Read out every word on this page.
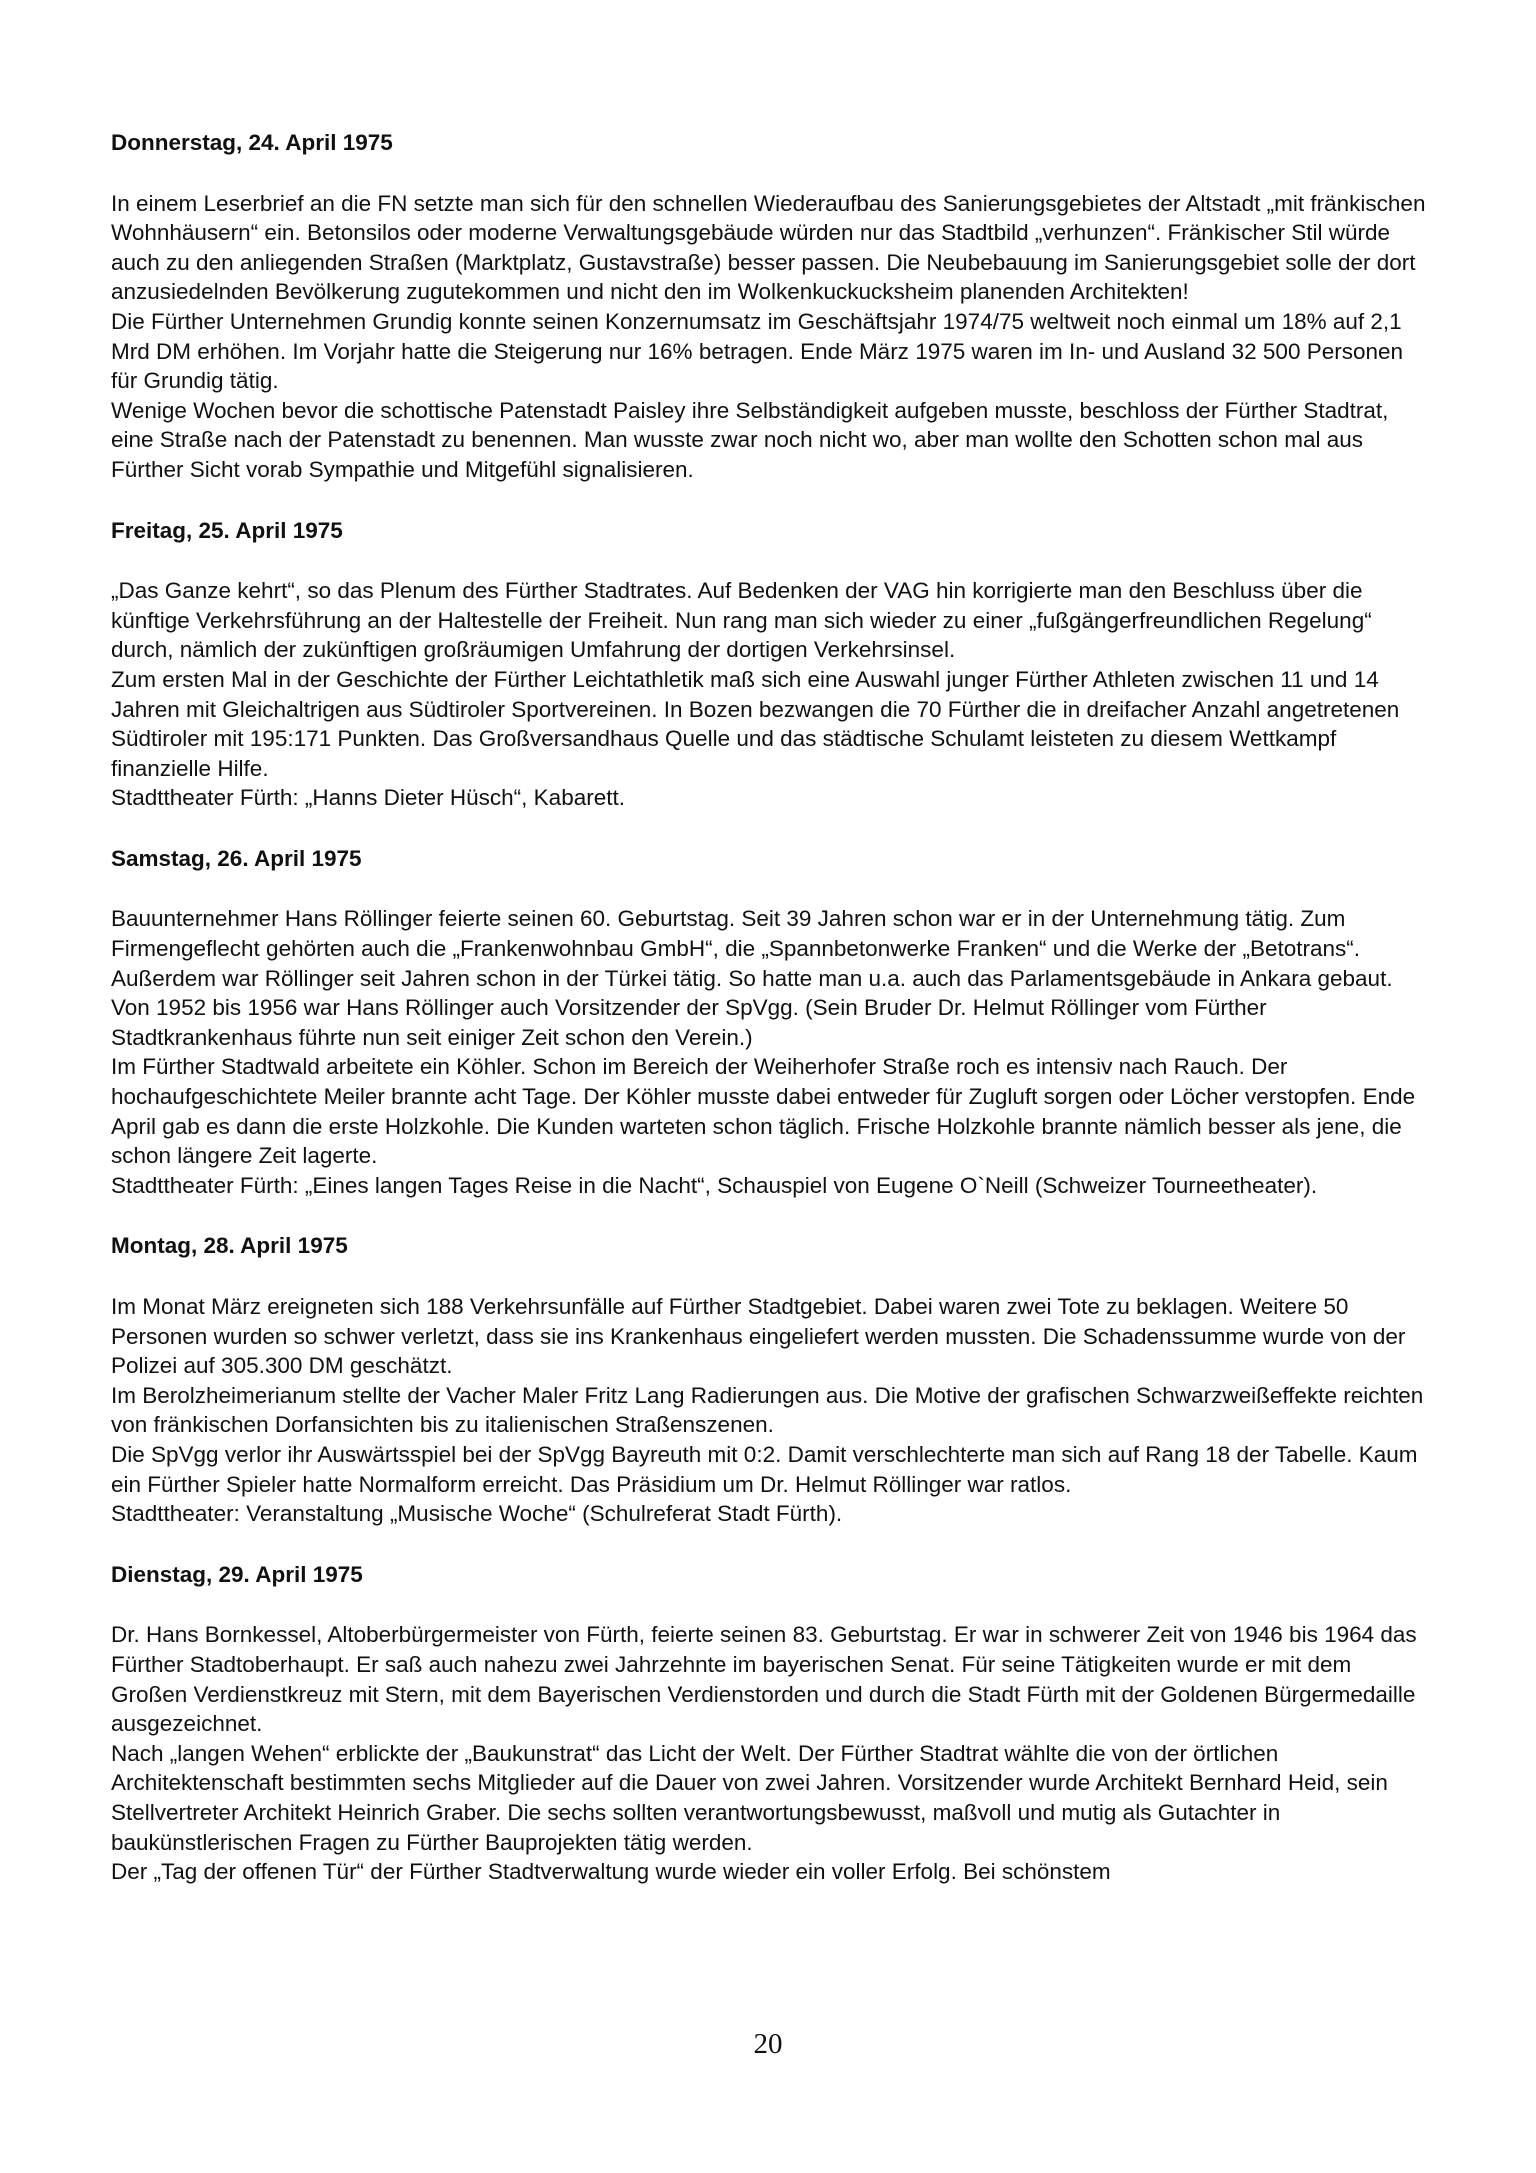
Donnerstag, 24. April 1975

In einem Leserbrief an die FN setzte man sich für den schnellen Wiederaufbau des Sanierungsgebietes der Altstadt „mit fränkischen Wohnhäusern“ ein. Betonsilos oder moderne Verwaltungsgebäude würden nur das Stadtbild „verhunzen“. Fränkischer Stil würde auch zu den anliegenden Straßen (Marktplatz, Gustavstraße) besser passen. Die Neubebauung im Sanierungsgebiet solle der dort anzusiedelnden Bevölkerung zugutekommen und nicht den im Wolkenkuckucksheim planenden Architekten!

Die Fürther Unternehmen Grundig konnte seinen Konzernumsatz im Geschäftsjahr 1974/75 weltweit noch einmal um 18% auf 2,1 Mrd DM erhöhen. Im Vorjahr hatte die Steigerung nur 16% betragen. Ende März 1975 waren im In- und Ausland 32 500 Personen für Grundig tätig.

Wenige Wochen bevor die schottische Patenstadt Paisley ihre Selbständigkeit aufgeben musste, beschloss der Fürther Stadtrat, eine Straße nach der Patenstadt zu benennen. Man wusste zwar noch nicht wo, aber man wollte den Schotten schon mal aus Fürther Sicht vorab Sympathie und Mitgefühl signalisieren.

Freitag, 25. April 1975

„Das Ganze kehrt“, so das Plenum des Fürther Stadtrates. Auf Bedenken der VAG hin korrigierte man den Beschluss über die künftige Verkehrsführung an der Haltestelle der Freiheit. Nun rang man sich wieder zu einer „fußgängerfreundlichen Regelung“ durch, nämlich der zukünftigen großräumigen Umfahrung der dortigen Verkehrsinsel.

Zum ersten Mal in der Geschichte der Fürther Leichtathletik maß sich eine Auswahl junger Fürther Athleten zwischen 11 und 14 Jahren mit Gleichaltrigen aus Südtiroler Sportvereinen. In Bozen bezwangen die 70 Fürther die in dreifacher Anzahl angetretenen Südtiroler mit 195:171 Punkten. Das Großversandhaus Quelle und das städtische Schulamt leisteten zu diesem Wettkampf finanzielle Hilfe.

Stadttheater Fürth: „Hanns Dieter Hüsch“, Kabarett.

Samstag, 26. April 1975

Bauunternehmer Hans Röllinger feierte seinen 60. Geburtstag. Seit 39 Jahren schon war er in der Unternehmung tätig. Zum Firmengeflecht gehörten auch die „Frankenwohnbau GmbH“, die „Spannbetonwerke Franken“ und die Werke der „Betotrans“. Außerdem war Röllinger seit Jahren schon in der Türkei tätig. So hatte man u.a. auch das Parlamentsgebäude in Ankara gebaut. Von 1952 bis 1956 war Hans Röllinger auch Vorsitzender der SpVgg. (Sein Bruder Dr. Helmut Röllinger vom Fürther Stadtkrankenhaus führte nun seit einiger Zeit schon den Verein.)

Im Fürther Stadtwald arbeitete ein Köhler. Schon im Bereich der Weiherhofer Straße roch es intensiv nach Rauch. Der hochaufgeschichtete Meiler brannte acht Tage. Der Köhler musste dabei entweder für Zugluft sorgen oder Löcher verstopfen. Ende April gab es dann die erste Holzkohle. Die Kunden warteten schon täglich. Frische Holzkohle brannte nämlich besser als jene, die schon längere Zeit lagerte.

Stadttheater Fürth: „Eines langen Tages Reise in die Nacht“, Schauspiel von Eugene O`Neill (Schweizer Tourneetheater).

Montag, 28. April 1975

Im Monat März ereigneten sich 188 Verkehrsunfälle auf Fürther Stadtgebiet. Dabei waren zwei Tote zu beklagen. Weitere 50 Personen wurden so schwer verletzt, dass sie ins Krankenhaus eingeliefert werden mussten. Die Schadenssumme wurde von der Polizei auf 305.300 DM geschätzt.

Im Berolzheimerianum stellte der Vacher Maler Fritz Lang Radierungen aus. Die Motive der grafischen Schwarzweißeffekte reichten von fränkischen Dorfansichten bis zu italienischen Straßenszenen.

Die SpVgg verlor ihr Auswärtsspiel bei der SpVgg Bayreuth mit 0:2. Damit verschlechterte man sich auf Rang 18 der Tabelle. Kaum ein Fürther Spieler hatte Normalform erreicht. Das Präsidium um Dr. Helmut Röllinger war ratlos.

Stadttheater: Veranstaltung „Musische Woche“ (Schulreferat Stadt Fürth).

Dienstag, 29. April 1975

Dr. Hans Bornkessel, Altoberbürgermeister von Fürth, feierte seinen 83. Geburtstag. Er war in schwerer Zeit von 1946 bis 1964 das Fürther Stadtoberhaupt. Er saß auch nahezu zwei Jahrzehnte im bayerischen Senat. Für seine Tätigkeiten wurde er mit dem Großen Verdienstkreuz mit Stern, mit dem Bayerischen Verdienstorden und durch die Stadt Fürth mit der Goldenen Bürgermedaille ausgezeichnet.

Nach „langen Wehen“ erblickte der „Baukunstrat“ das Licht der Welt. Der Fürther Stadtrat wählte die von der örtlichen Architektenschaft bestimmten sechs Mitglieder auf die Dauer von zwei Jahren. Vorsitzender wurde Architekt Bernhard Heid, sein Stellvertreter Architekt Heinrich Graber. Die sechs sollten verantwortungsbewusst, maßvoll und mutig als Gutachter in baukünstlerischen Fragen zu Fürther Bauprojekten tätig werden.

Der „Tag der offenen Tür“ der Fürther Stadtverwaltung wurde wieder ein voller Erfolg. Bei schönstem

20
